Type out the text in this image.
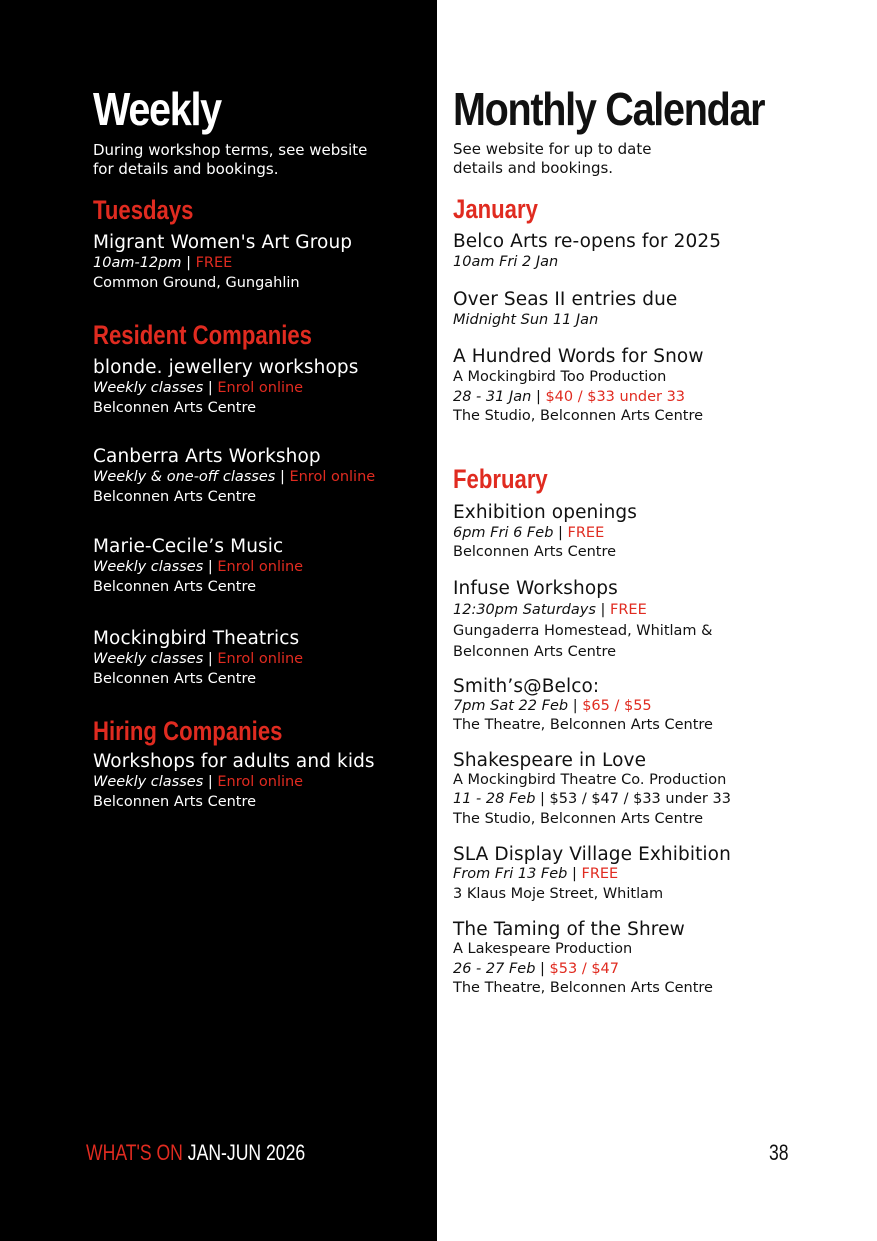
Weekly
During workshop terms, see website
for details and bookings.
Tuesdays
Migrant Women's Art Group
10am-12pm | FREE
Common Ground, Gungahlin
Resident Companies
blonde. jewellery workshops
Weekly classes | Enrol online
Belconnen Arts Centre
Canberra Arts Workshop
Weekly & one-off classes | Enrol online
Belconnen Arts Centre
Marie-Cecile’s Music
Weekly classes | Enrol online
Belconnen Arts Centre
Mockingbird Theatrics
Weekly classes | Enrol online
Belconnen Arts Centre
Hiring Companies
Workshops for adults and kids
Weekly classes | Enrol online
Belconnen Arts Centre
WHAT'S ON JAN-JUN 2026
Monthly Calendar
See website for up to date
details and bookings.
January
Belco Arts re-opens for 2025
10am Fri 2 Jan
Over Seas II entries due
Midnight Sun 11 Jan
A Hundred Words for Snow
A Mockingbird Too Production
28 - 31 Jan | $40 / $33 under 33
The Studio, Belconnen Arts Centre
February
Exhibition openings
6pm Fri 6 Feb | FREE
Belconnen Arts Centre
Infuse Workshops
12:30pm Saturdays | FREE
Gungaderra Homestead, Whitlam &
Belconnen Arts Centre
Smith’s@Belco:
7pm Sat 22 Feb | $65 / $55
The Theatre, Belconnen Arts Centre
Shakespeare in Love
A Mockingbird Theatre Co. Production
11 - 28 Feb | $53 / $47 / $33 under 33
The Studio, Belconnen Arts Centre
SLA Display Village Exhibition
From Fri 13 Feb | FREE
3 Klaus Moje Street, Whitlam
The Taming of the Shrew
A Lakespeare Production
26 - 27 Feb | $53 / $47
The Theatre, Belconnen Arts Centre
38
